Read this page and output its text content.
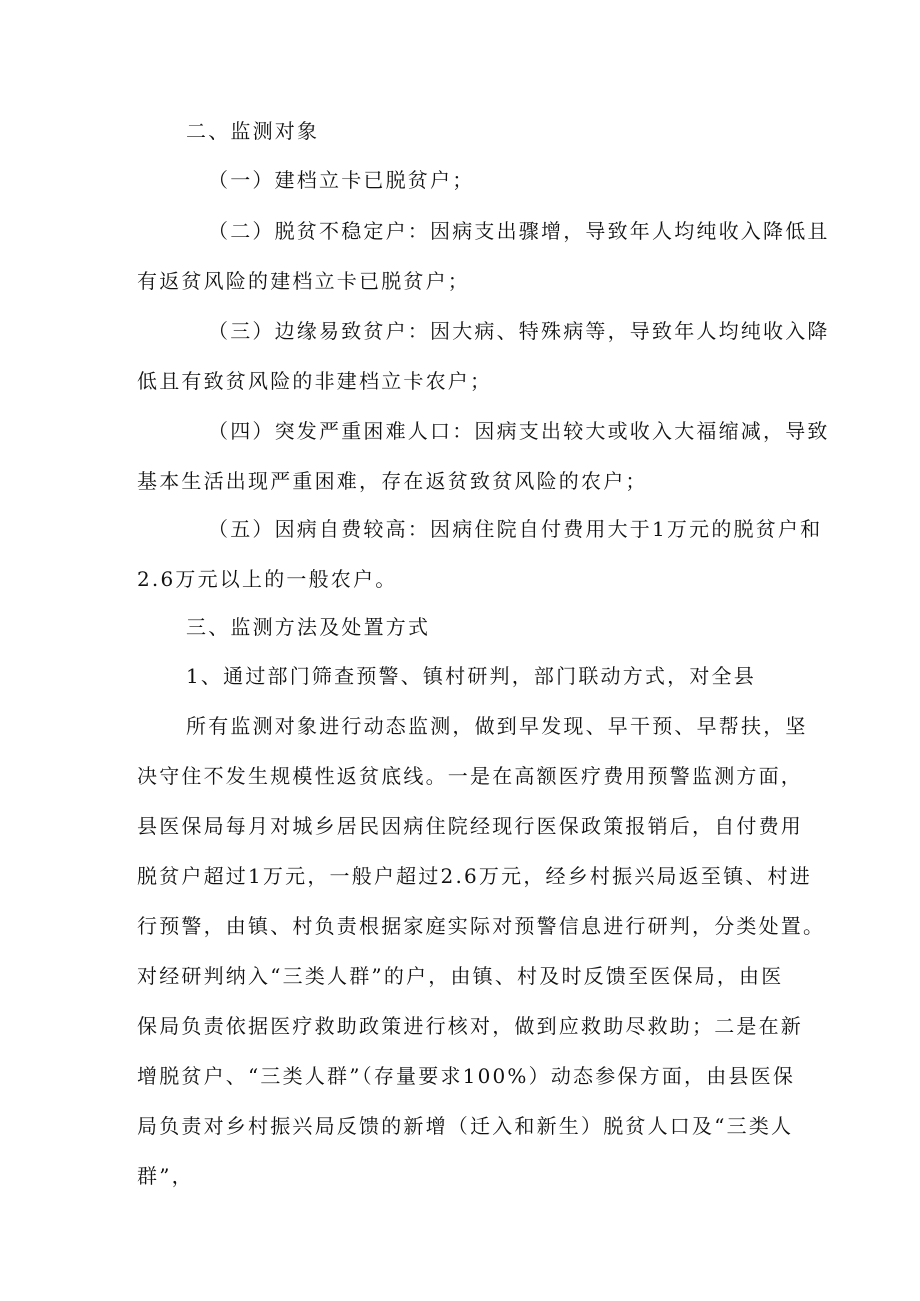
二、监测对象

（一）建档立卡已脱贫户；

（二）脱贫不稳定户：因病支出骤增，导致年人均纯收入降低且

有返贫风险的建档立卡已脱贫户；

（三）边缘易致贫户：因大病、特殊病等，导致年人均纯收入降

低且有致贫风险的非建档立卡农户；

（四）突发严重困难人口：因病支出较大或收入大福缩减，导致

基本生活出现严重困难，存在返贫致贫风险的农户；

（五）因病自费较高：因病住院自付费用大于1万元的脱贫户和

2.6万元以上的一般农户。

三、监测方法及处置方式

1、通过部门筛查预警、镇村研判，部门联动方式，对全县

所有监测对象进行动态监测，做到早发现、早干预、早帮扶，坚

决守住不发生规模性返贫底线。一是在高额医疗费用预警监测方面，

县医保局每月对城乡居民因病住院经现行医保政策报销后，自付费用

脱贫户超过1万元，一般户超过2.6万元，经乡村振兴局返至镇、村进

行预警，由镇、村负责根据家庭实际对预警信息进行研判，分类处置。

对经研判纳入“三类人群”的户，由镇、村及时反馈至医保局，由医

保局负责依据医疗救助政策进行核对，做到应救助尽救助；二是在新

增脱贫户、“三类人群”（存量要求100%）动态参保方面，由县医保

局负责对乡村振兴局反馈的新增（迁入和新生）脱贫人口及“三类人

群”，
